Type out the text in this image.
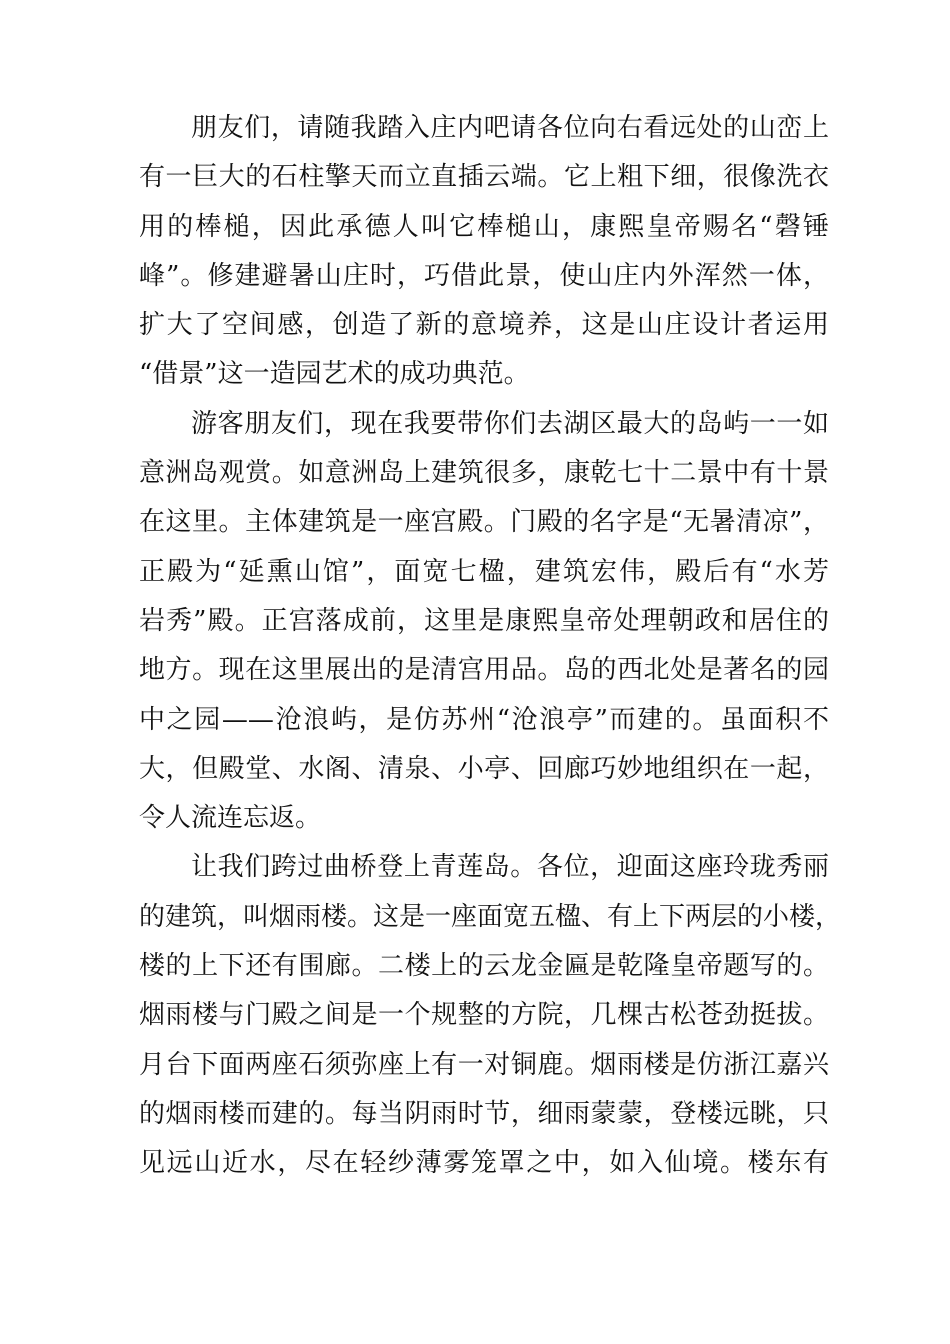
朋友们，请随我踏入庄内吧请各位向右看远处的山峦上
有一巨大的石柱擎天而立直插云端。它上粗下细，很像洗衣
用的棒槌，因此承德人叫它棒槌山，康熙皇帝赐名“磬锤
峰”。修建避暑山庄时，巧借此景，使山庄内外浑然一体，
扩大了空间感，创造了新的意境养，这是山庄设计者运用
“借景”这一造园艺术的成功典范。
游客朋友们，现在我要带你们去湖区最大的岛屿一一如
意洲岛观赏。如意洲岛上建筑很多，康乾七十二景中有十景
在这里。主体建筑是一座宫殿。门殿的名字是“无暑清凉”，
正殿为“延熏山馆”，面宽七楹，建筑宏伟，殿后有“水芳
岩秀”殿。正宫落成前，这里是康熙皇帝处理朝政和居住的
地方。现在这里展出的是清宫用品。岛的西北处是著名的园
中之园——沧浪屿，是仿苏州“沧浪亭”而建的。虽面积不
大，但殿堂、水阁、清泉、小亭、回廊巧妙地组织在一起，
令人流连忘返。
让我们跨过曲桥登上青莲岛。各位，迎面这座玲珑秀丽
的建筑，叫烟雨楼。这是一座面宽五楹、有上下两层的小楼，
楼的上下还有围廊。二楼上的云龙金匾是乾隆皇帝题写的。
烟雨楼与门殿之间是一个规整的方院，几棵古松苍劲挺拔。
月台下面两座石须弥座上有一对铜鹿。烟雨楼是仿浙江嘉兴
的烟雨楼而建的。每当阴雨时节，细雨蒙蒙，登楼远眺，只
见远山近水，尽在轻纱薄雾笼罩之中，如入仙境。楼东有
